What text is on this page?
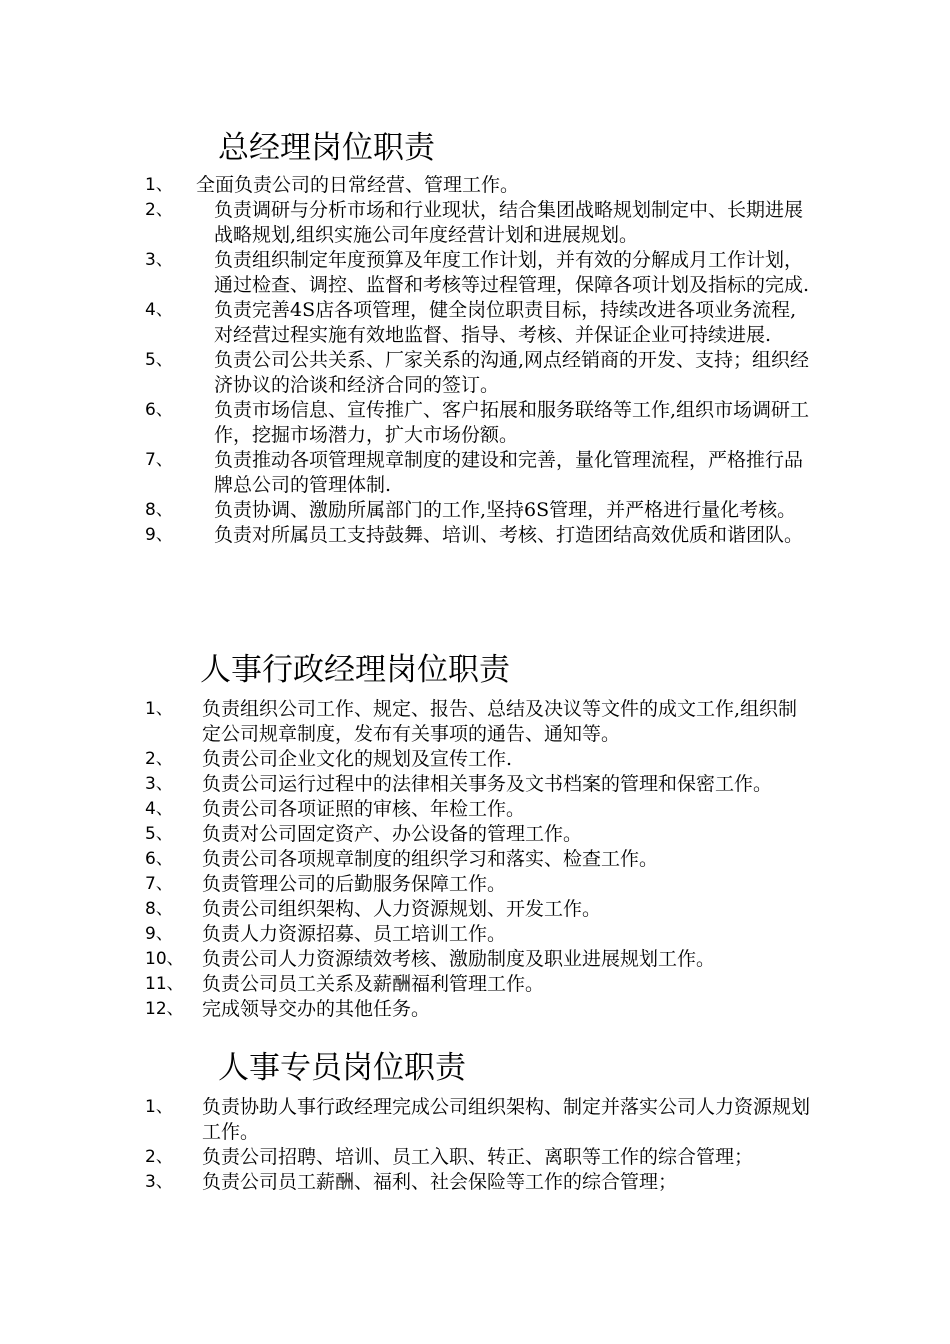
总经理岗位职责
1、 全面负责公司的日常经营、管理工作。
2、 负责调研与分析市场和行业现状，结合集团战略规划制定中、长期进展战略规划,组织实施公司年度经营计划和进展规划。
3、 负责组织制定年度预算及年度工作计划，并有效的分解成月工作计划，通过检查、调控、监督和考核等过程管理，保障各项计划及指标的完成.
4、 负责完善4S店各项管理，健全岗位职责目标，持续改进各项业务流程,对经营过程实施有效地监督、指导、考核、并保证企业可持续进展.
5、 负责公司公共关系、厂家关系的沟通,网点经销商的开发、支持；组织经济协议的洽谈和经济合同的签订。
6、 负责市场信息、宣传推广、客户拓展和服务联络等工作,组织市场调研工作，挖掘市场潜力，扩大市场份额。
7、 负责推动各项管理规章制度的建设和完善，量化管理流程，严格推行品牌总公司的管理体制.
8、 负责协调、激励所属部门的工作,坚持6S管理，并严格进行量化考核。
9、 负责对所属员工支持鼓舞、培训、考核、打造团结高效优质和谐团队。
人事行政经理岗位职责
1、 负责组织公司工作、规定、报告、总结及决议等文件的成文工作,组织制定公司规章制度，发布有关事项的通告、通知等。
2、 负责公司企业文化的规划及宣传工作.
3、 负责公司运行过程中的法律相关事务及文书档案的管理和保密工作。
4、 负责公司各项证照的审核、年检工作。
5、 负责对公司固定资产、办公设备的管理工作。
6、 负责公司各项规章制度的组织学习和落实、检查工作。
7、 负责管理公司的后勤服务保障工作。
8、 负责公司组织架构、人力资源规划、开发工作。
9、 负责人力资源招募、员工培训工作。
10、 负责公司人力资源绩效考核、激励制度及职业进展规划工作。
11、 负责公司员工关系及薪酬福利管理工作。
12、 完成领导交办的其他任务。
人事专员岗位职责
1、 负责协助人事行政经理完成公司组织架构、制定并落实公司人力资源规划工作。
2、 负责公司招聘、培训、员工入职、转正、离职等工作的综合管理；
3、 负责公司员工薪酬、福利、社会保险等工作的综合管理；
